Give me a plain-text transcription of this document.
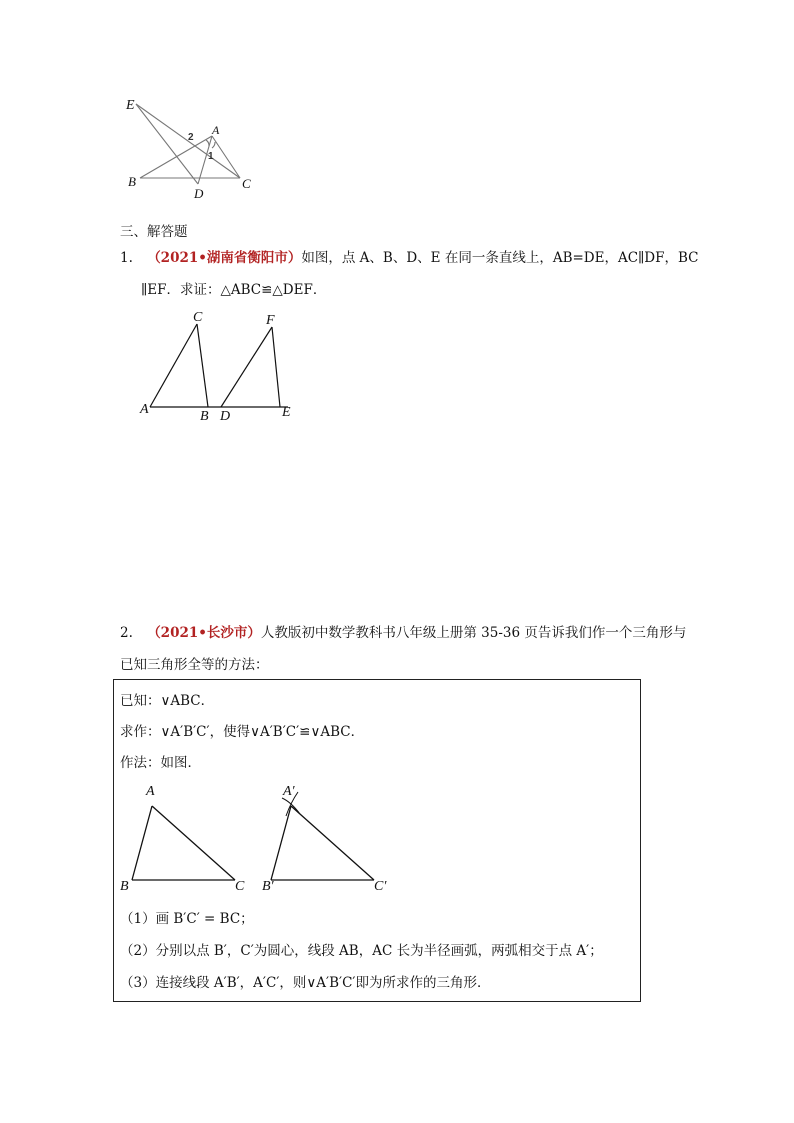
E
A
2
1
B
D
C
三、解答题
1. （2021•湖南省衡阳市）如图，点 A、B、D、E 在同一条直线上，AB=DE，AC∥DF，BC
∥EF．求证：△ABC≌△DEF．
C	F
A	B D	E
2. （2021•长沙市）人教版初中数学教科书八年级上册第 35-36 页告诉我们作一个三角形与
已知三角形全等的方法：
已知：∨ABC．
求作：∨A′B′C′，使得∨A′B′C′≌∨ABC．
作法：如图．
A
B	C
A′
B′	C′
（1）画 B′C′ = BC；
（2）分别以点 B′，C′为圆心，线段 AB，AC 长为半径画弧，两弧相交于点 A′；
（3）连接线段 A′B′，A′C′，则∨A′B′C′即为所求作的三角形．
